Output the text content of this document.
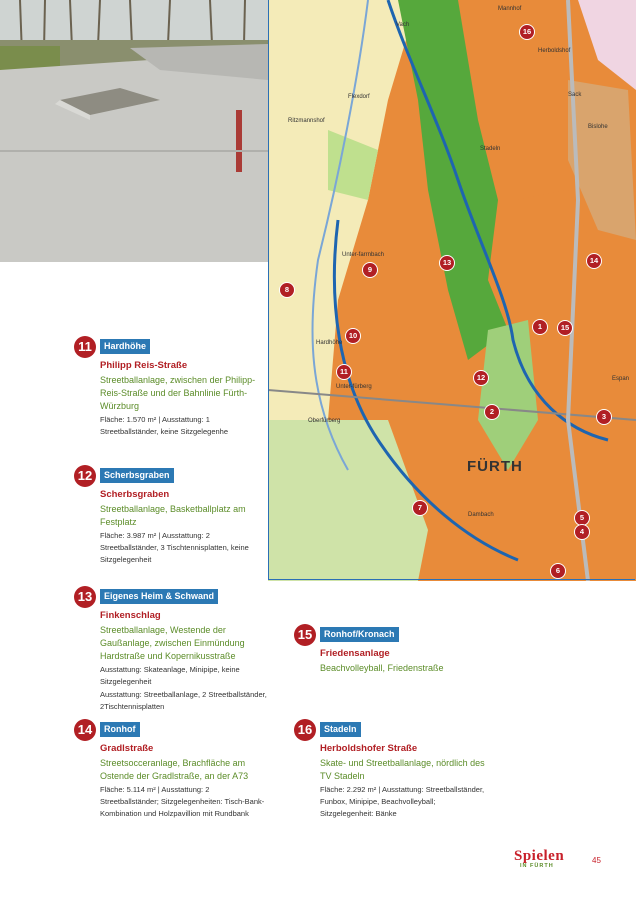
Vach
Mannhof
Herboldshof
Stadeln
Flexdorf
Ritzmannshof
Unter-farrnbach
Hardhöhe
Unter-fürberg
Oberfürberg
Dambach
Bislohe
Sack
Espan
FÜRTH
16
13	14
9
8
10
1	15
11
12
2
3
7
5
4
6
11	Hardhöhe
Philipp Reis-Straße
Streetballanlage, zwischen der Philipp-Reis-Straße und der Bahnlinie Fürth-Würzburg
Fläche: 1.570 m² | Ausstattung: 1 Streetballständer, keine Sitzgelegenhe
12	Scherbsgraben
Scherbsgraben
Streetballanlage, Basketballplatz am Festplatz
Fläche: 3.987 m² | Ausstattung: 2 Streetballständer, 3 Tischtennisplatten, keine Sitzgelegenheit
13	Eigenes Heim & Schwand
Finkenschlag
Streetballanlage, Westende der Gaußanlage, zwischen Einmündung Hardstraße und Kopernikusstraße
Ausstattung: Skateanlage, Minipipe, keine Sitzgelegenheit
Ausstattung: Streetballanlage, 2 Streetballständer, 2Tischtennisplatten
14	Ronhof
Gradlstraße
Streetsocceranlage, Brachfläche am Ostende der Gradlstraße, an der A73
Fläche: 5.114 m² | Ausstattung: 2 Streetballständer; Sitzgelegenheiten: Tisch-Bank-Kombination und Holzpavillion mit Rundbank
15	Ronhof/Kronach
Friedensanlage
Beachvolleyball, Friedenstraße
16	Stadeln
Herboldshofer Straße
Skate- und Streetballanlage, nördlich des TV Stadeln
Fläche: 2.292 m² | Ausstattung: Streetballständer, Funbox, Minipipe, Beachvolleyball; Sitzgelegenheit: Bänke
Spielen
IN FÜRTH
45
